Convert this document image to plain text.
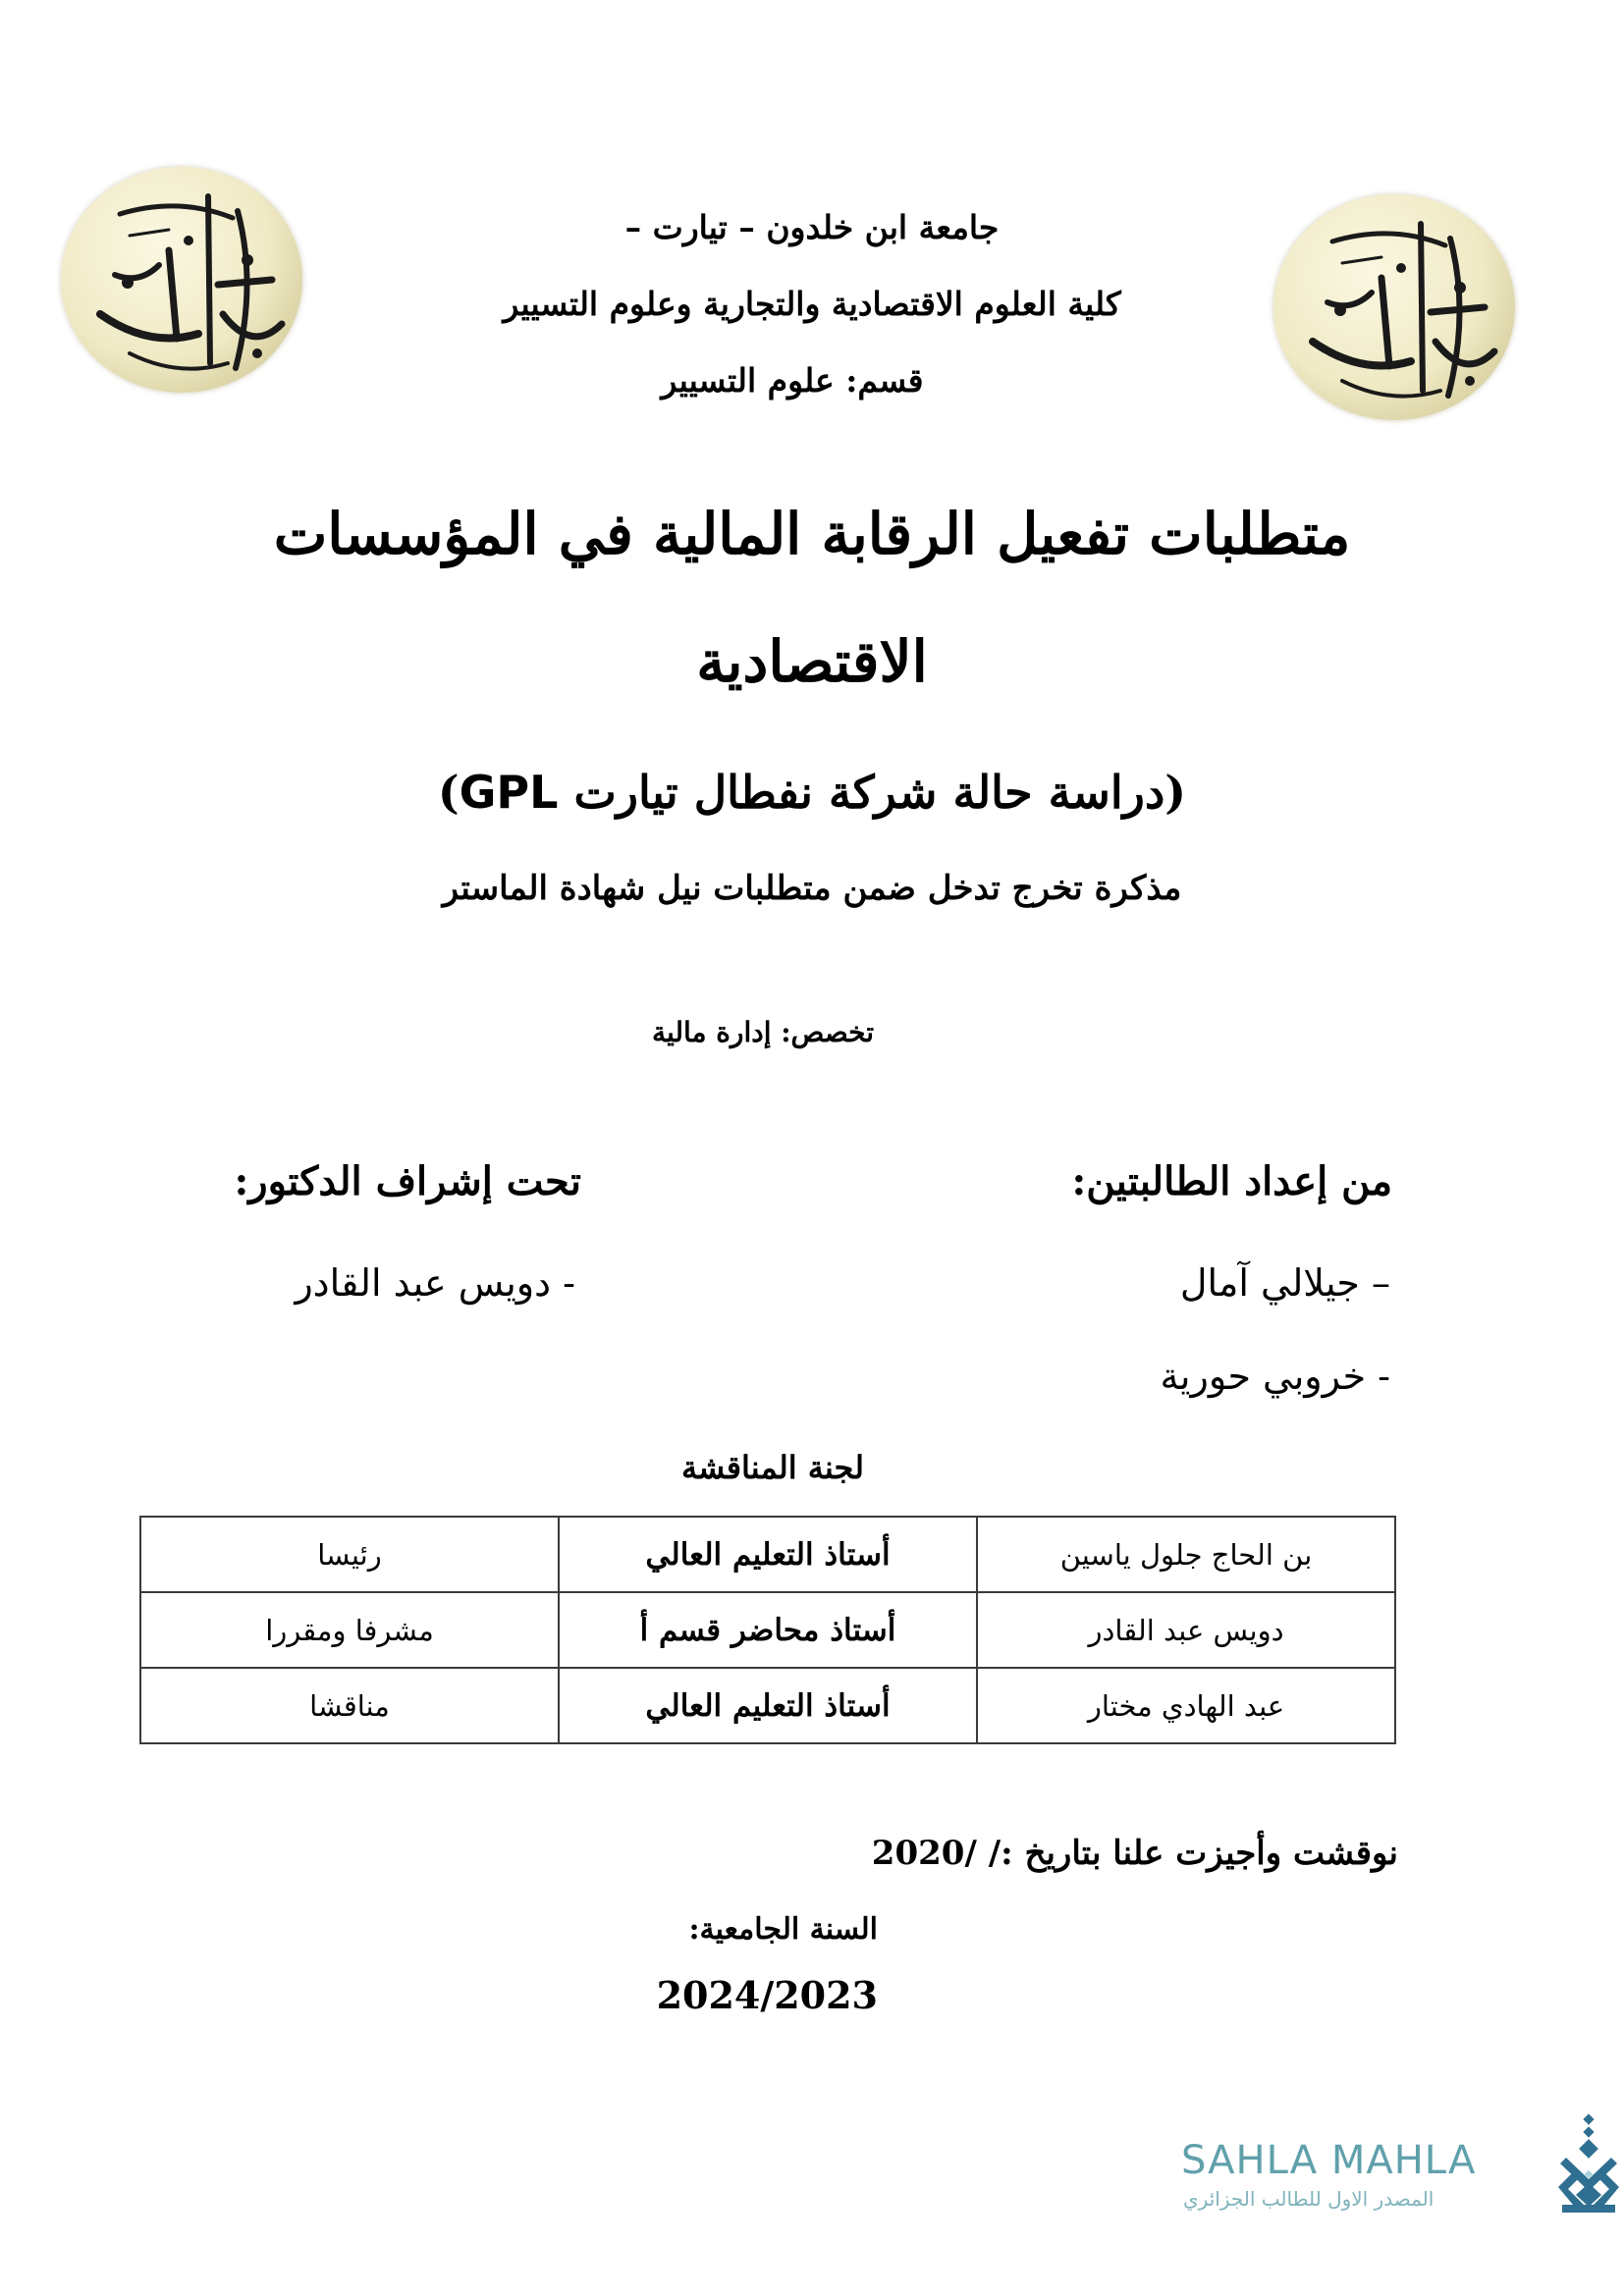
جامعة ابن خلدون – تيارت –
كلية العلوم الاقتصادية والتجارية وعلوم التسيير
قسم: علوم التسيير
متطلبات تفعيل الرقابة المالية في المؤسسات
الاقتصادية
(دراسة حالة شركة نفطال تيارت GPL)
مذكرة تخرج تدخل ضمن متطلبات نيل شهادة الماستر
تخصص: إدارة مالية
من إعداد الطالبتين:
– جيلالي آمال
- خروبي حورية
تحت إشراف الدكتور:
- دويس عبد القادر
لجنة المناقشة
بن الحاج جلول ياسين	أستاذ التعليم العالي	رئيسا
دويس عبد القادر	أستاذ محاضر قسم أ	مشرفا ومقررا
عبد الهادي مختار	أستاذ التعليم العالي	مناقشا
نوقشت وأجيزت علنا بتاريخ :/ /2020
السنة الجامعية:
2024/2023
SAHLA MAHLA
المصدر الاول للطالب الجزائري
